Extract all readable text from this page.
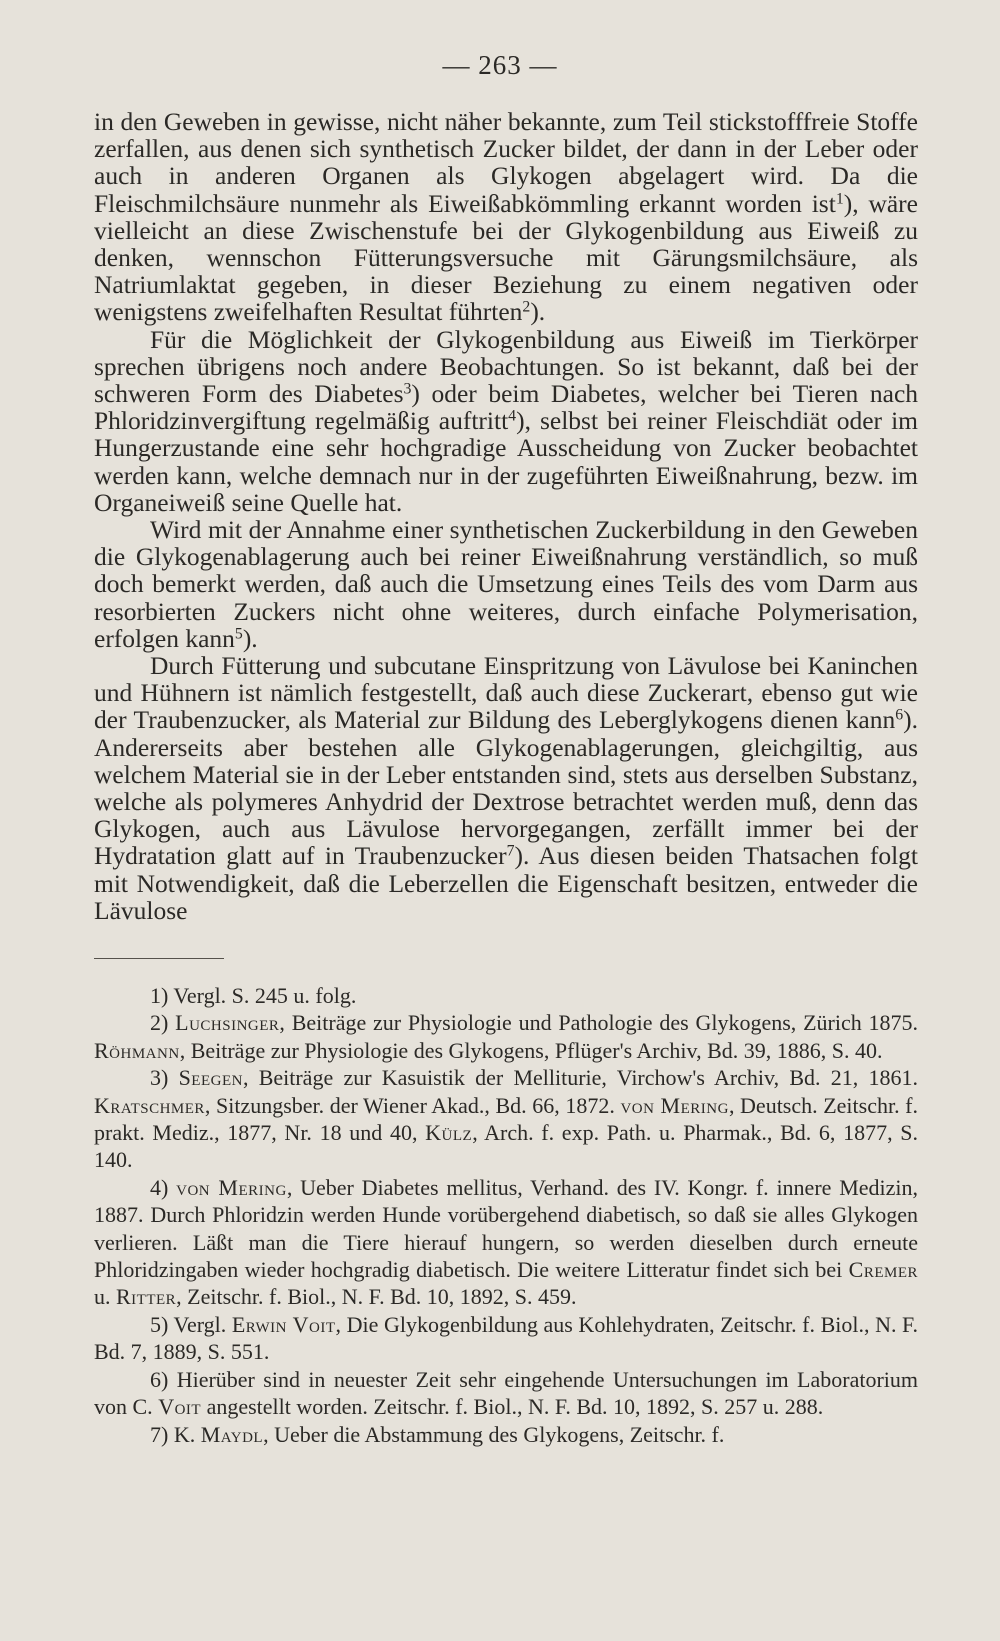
— 263 —

in den Geweben in gewisse, nicht näher bekannte, zum Teil stickstofffreie Stoffe zerfallen, aus denen sich synthetisch Zucker bildet, der dann in der Leber oder auch in anderen Organen als Glykogen abgelagert wird. Da die Fleischmilchsäure nunmehr als Eiweißabkömmling erkannt worden ist$^1$), wäre vielleicht an diese Zwischenstufe bei der Glykogenbildung aus Eiweiß zu denken, wennschon Fütterungsversuche mit Gärungsmilchsäure, als Natriumlaktat gegeben, in dieser Beziehung zu einem negativen oder wenigstens zweifelhaften Resultat führten$^2$).

Für die Möglichkeit der Glykogenbildung aus Eiweiß im Tierkörper sprechen übrigens noch andere Beobachtungen. So ist bekannt, daß bei der schweren Form des Diabetes$^3$) oder beim Diabetes, welcher bei Tieren nach Phloridzinvergiftung regelmäßig auftritt$^4$), selbst bei reiner Fleischdiät oder im Hungerzustande eine sehr hochgradige Ausscheidung von Zucker beobachtet werden kann, welche demnach nur in der zugeführten Eiweißnahrung, bezw. im Organeiweiß seine Quelle hat.

Wird mit der Annahme einer synthetischen Zuckerbildung in den Geweben die Glykogenablagerung auch bei reiner Eiweißnahrung verständlich, so muß doch bemerkt werden, daß auch die Umsetzung eines Teils des vom Darm aus resorbierten Zuckers nicht ohne weiteres, durch einfache Polymerisation, erfolgen kann$^5$).

Durch Fütterung und subcutane Einspritzung von Lävulose bei Kaninchen und Hühnern ist nämlich festgestellt, daß auch diese Zuckerart, ebenso gut wie der Traubenzucker, als Material zur Bildung des Leberglykogens dienen kann$^6$). Andererseits aber bestehen alle Glykogenablagerungen, gleichgiltig, aus welchem Material sie in der Leber entstanden sind, stets aus derselben Substanz, welche als polymeres Anhydrid der Dextrose betrachtet werden muß, denn das Glykogen, auch aus Lävulose hervorgegangen, zerfällt immer bei der Hydratation glatt auf in Traubenzucker$^7$). Aus diesen beiden Thatsachen folgt mit Notwendigkeit, daß die Leberzellen die Eigenschaft besitzen, entweder die Lävulose

1) Vergl. S. 245 u. folg.

2) Luchsinger, Beiträge zur Physiologie und Pathologie des Glykogens, Zürich 1875. Röhmann, Beiträge zur Physiologie des Glykogens, Pflüger's Archiv, Bd. 39, 1886, S. 40.

3) Seegen, Beiträge zur Kasuistik der Melliturie, Virchow's Archiv, Bd. 21, 1861. Kratschmer, Sitzungsber. der Wiener Akad., Bd. 66, 1872. von Mering, Deutsch. Zeitschr. f. prakt. Mediz., 1877, Nr. 18 und 40, Külz, Arch. f. exp. Path. u. Pharmak., Bd. 6, 1877, S. 140.

4) von Mering, Ueber Diabetes mellitus, Verhand. des IV. Kongr. f. innere Medizin, 1887. Durch Phloridzin werden Hunde vorübergehend diabetisch, so daß sie alles Glykogen verlieren. Läßt man die Tiere hierauf hungern, so werden dieselben durch erneute Phloridzingaben wieder hochgradig diabetisch. Die weitere Litteratur findet sich bei Cremer u. Ritter, Zeitschr. f. Biol., N. F. Bd. 10, 1892, S. 459.

5) Vergl. Erwin Voit, Die Glykogenbildung aus Kohlehydraten, Zeitschr. f. Biol., N. F. Bd. 7, 1889, S. 551.

6) Hierüber sind in neuester Zeit sehr eingehende Untersuchungen im Laboratorium von C. Voit angestellt worden. Zeitschr. f. Biol., N. F. Bd. 10, 1892, S. 257 u. 288.

7) K. Maydl, Ueber die Abstammung des Glykogens, Zeitschr. f.
